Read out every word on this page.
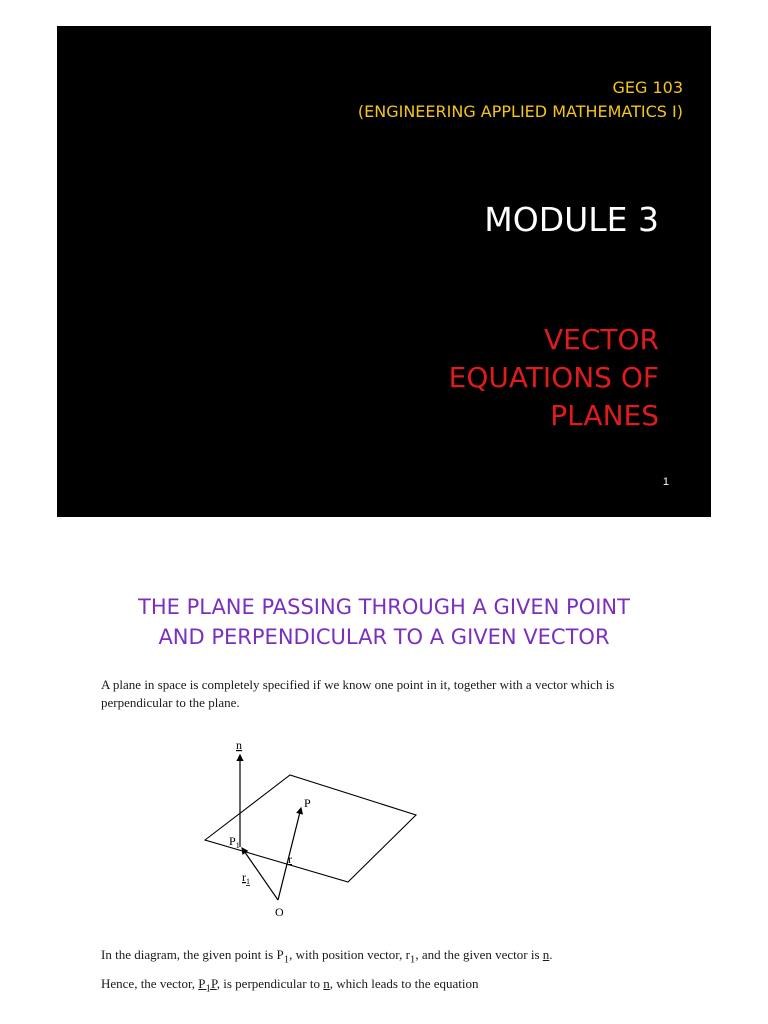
GEG 103

(ENGINEERING APPLIED MATHEMATICS I)

MODULE 3
VECTOR
EQUATIONS OF
PLANES
1
THE PLANE PASSING THROUGH A GIVEN POINT
AND PERPENDICULAR TO A GIVEN VECTOR

A plane in space is completely specified if we know one point in it, together with a vector which is perpendicular to the plane.

n
P
$P_1$
r
$r_1$
O

In the diagram, the given point is $P_1$, with position vector, $r_1$, and the given vector is n.

Hence, the vector, $P_1P$, is perpendicular to n, which leads to the equation
